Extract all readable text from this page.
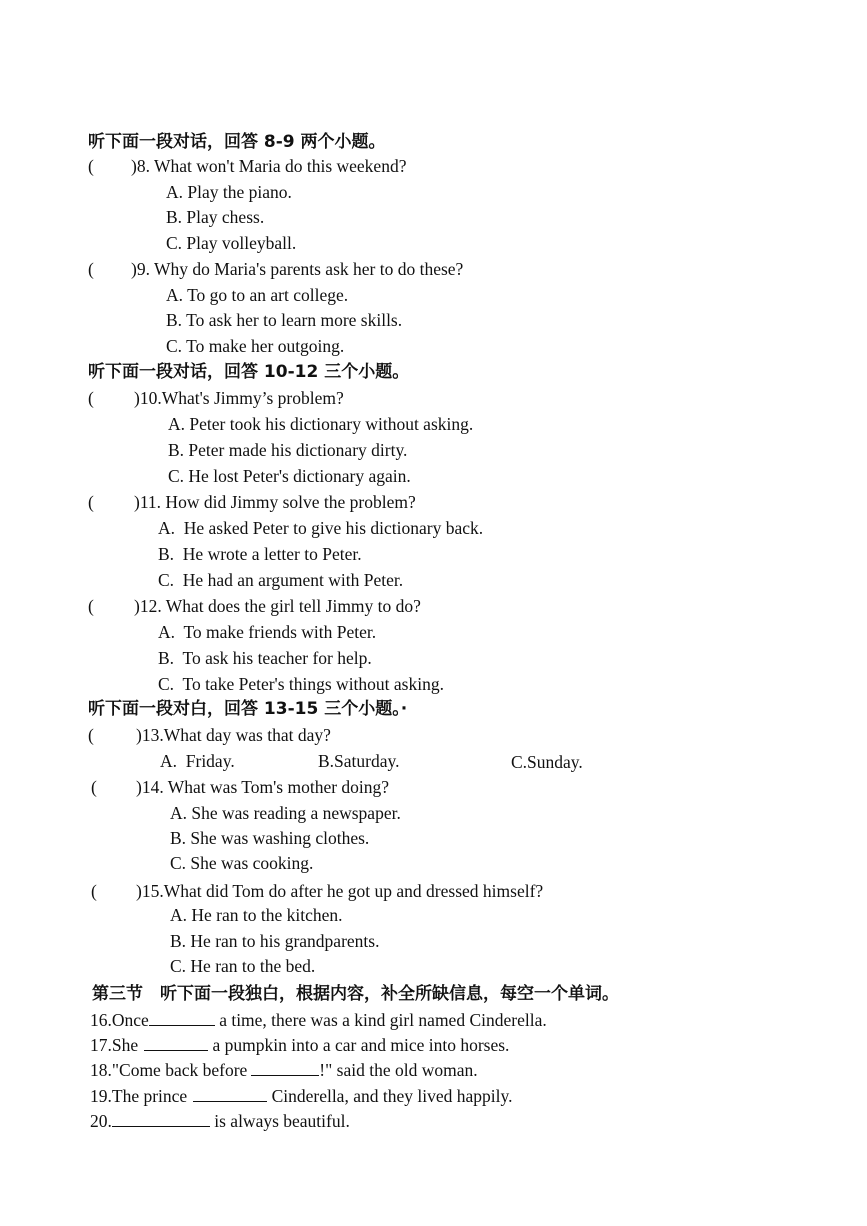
听下面一段对话，回答 8-9 两个小题。
( )8. What won't Maria do this weekend?
A. Play the piano.
B. Play chess.
C. Play volleyball.
( )9. Why do Maria's parents ask her to do these?
A. To go to an art college.
B. To ask her to learn more skills.
C. To make her outgoing.
听下面一段对话，回答 10-12 三个小题。
( )10.What's Jimmy’s problem?
A. Peter took his dictionary without asking.
B. Peter made his dictionary dirty.
C. He lost Peter's dictionary again.
( )11. How did Jimmy solve the problem?
A.  He asked Peter to give his dictionary back.
B.  He wrote a letter to Peter.
C.  He had an argument with Peter.
( )12. What does the girl tell Jimmy to do?
A.  To make friends with Peter.
B.  To ask his teacher for help.
C.  To take Peter's things without asking.
听下面一段对白，回答 13-15 三个小题。·
( )13.What day was that day?
A.  Friday.	B.Saturday.	C.Sunday.
( )14. What was Tom's mother doing?
A. She was reading a newspaper.
B. She was washing clothes.
C. She was cooking.
( )15.What did Tom do after he got up and dressed himself?
A. He ran to the kitchen.
B. He ran to his grandparents.
C. He ran to the bed.
第三节　听下面一段独白，根据内容，补全所缺信息，每空一个单词。
16.Once	a time, there was a kind girl named Cinderella.
17.She	a pumpkin into a car and mice into horses.
18."Come back before	!" said the old woman.
19.The prince	Cinderella, and they lived happily.
20.	is always beautiful.
